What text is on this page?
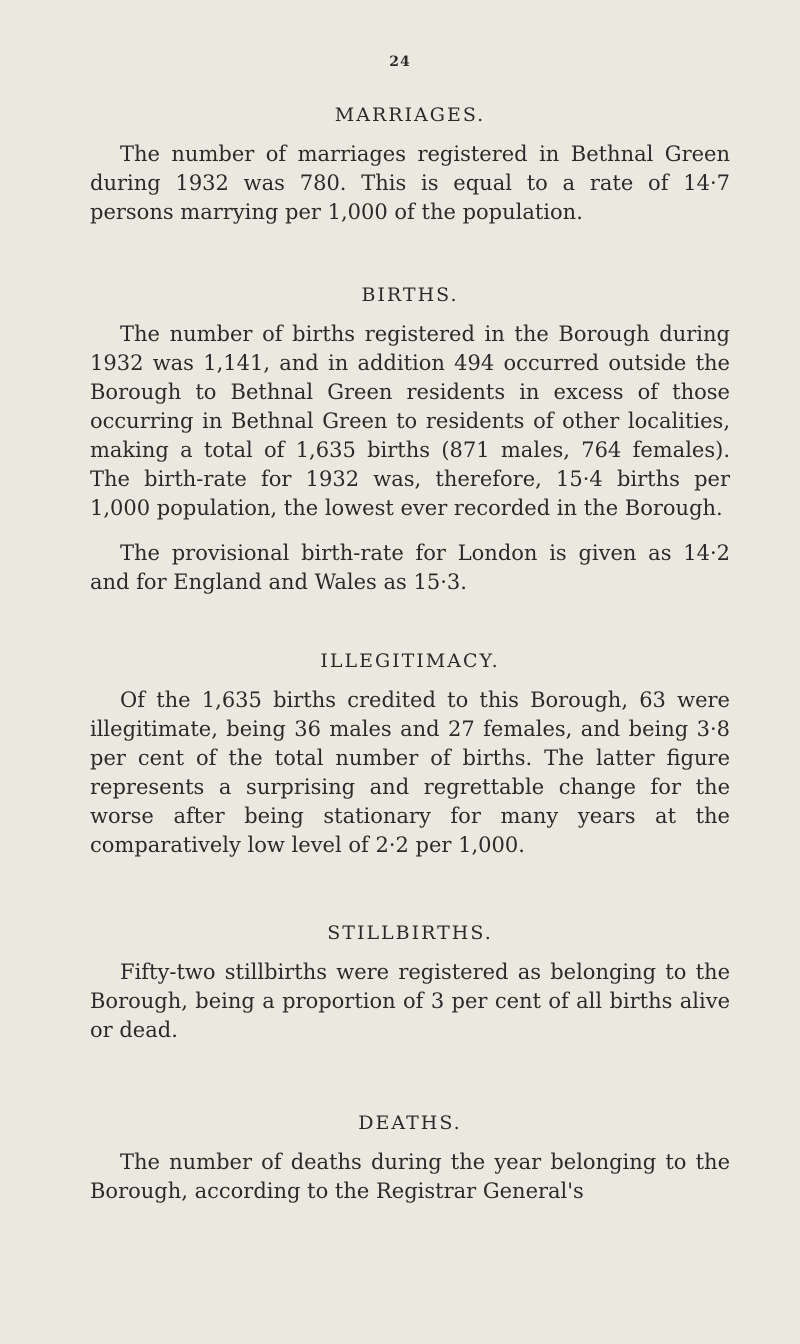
24
MARRIAGES.

The number of marriages registered in Bethnal Green during 1932 was 780. This is equal to a rate of 14·7 persons marrying per 1,000 of the population.

BIRTHS.

The number of births registered in the Borough during 1932 was 1,141, and in addition 494 occurred outside the Borough to Bethnal Green residents in excess of those occurring in Bethnal Green to residents of other localities, making a total of 1,635 births (871 males, 764 females). The birth-rate for 1932 was, therefore, 15·4 births per 1,000 population, the lowest ever recorded in the Borough.

The provisional birth-rate for London is given as 14·2 and for England and Wales as 15·3.

ILLEGITIMACY.

Of the 1,635 births credited to this Borough, 63 were illegitimate, being 36 males and 27 females, and being 3·8 per cent of the total number of births. The latter figure represents a surprising and regrettable change for the worse after being stationary for many years at the comparatively low level of 2·2 per 1,000.

STILLBIRTHS.

Fifty-two stillbirths were registered as belonging to the Borough, being a proportion of 3 per cent of all births alive or dead.

DEATHS.

The number of deaths during the year belonging to the Borough, according to the Registrar General's
